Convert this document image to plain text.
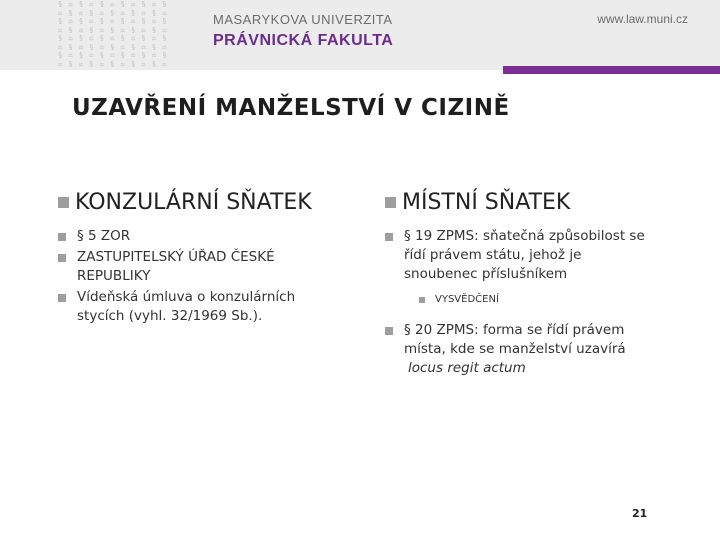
§ ⚖ § ⚖ § ⚖ § ⚖ § ⚖ §
⚖ § ⚖ § ⚖ § ⚖ § ⚖ § ⚖
§ ⚖ § ⚖ § ⚖ § ⚖ § ⚖ §
⚖ § ⚖ § ⚖ § ⚖ § ⚖ § ⚖
§ ⚖ § ⚖ § ⚖ § ⚖ § ⚖ §
⚖ § ⚖ § ⚖ § ⚖ § ⚖ § ⚖
§ ⚖ § ⚖ § ⚖ § ⚖ § ⚖ §
⚖ § ⚖ § ⚖ § ⚖ § ⚖ § ⚖
MASARYKOVA UNIVERZITA
PRÁVNICKÁ FAKULTA
www.law.muni.cz
UZAVŘENÍ MANŽELSTVÍ V CIZINĚ
KONZULÁRNÍ SŇATEK
§ 5 ZOR
ZASTUPITELSKÝ ÚŘAD ČESKÉ REPUBLIKY
Vídeňská úmluva o konzulárních stycích (vyhl. 32/1969 Sb.).
MÍSTNÍ SŇATEK
§ 19 ZPMS: sňatečná způsobilost se řídí právem státu, jehož je snoubenec příslušníkem
VYSVĚDČENÍ
§ 20 ZPMS: forma se řídí právem místa, kde se manželství uzavírá
locus regit actum
21
